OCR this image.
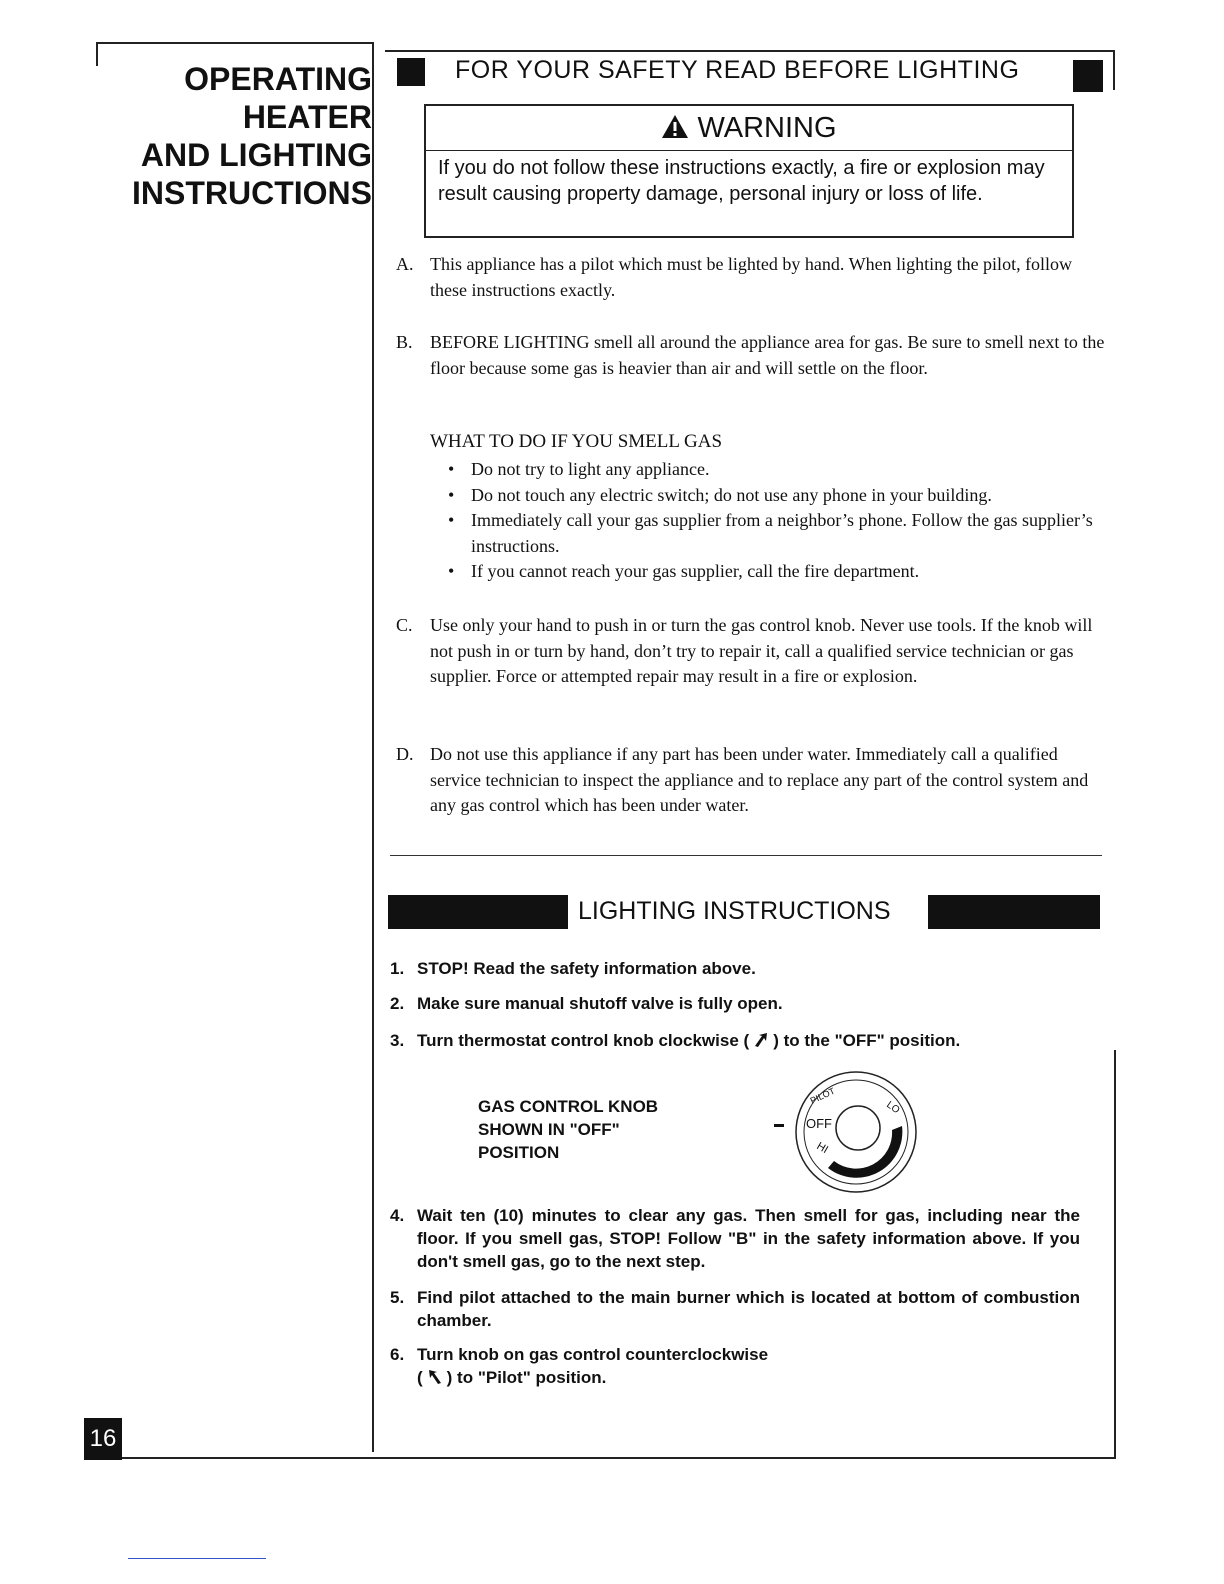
OPERATING
HEATER
AND LIGHTING
INSTRUCTIONS
16
FOR YOUR SAFETY READ BEFORE LIGHTING
WARNING
If you do not follow these instructions exactly, a fire or explosion may result causing property damage, personal injury or loss of life.
A. This appliance has a pilot which must be lighted by hand. When lighting the pilot, follow these instructions exactly.
B. BEFORE LIGHTING smell all around the appliance area for gas. Be sure to smell next to the floor because some gas is heavier than air and will settle on the floor.
WHAT TO DO IF YOU SMELL GAS
• Do not try to light any appliance.
• Do not touch any electric switch; do not use any phone in your building.
• Immediately call your gas supplier from a neighbor’s phone. Follow the gas supplier’s instructions.
• If you cannot reach your gas supplier, call the fire department.
C. Use only your hand to push in or turn the gas control knob. Never use tools. If the knob will not push in or turn by hand, don’t try to repair it, call a qualified service technician or gas supplier. Force or attempted repair may result in a fire or explosion.
D. Do not use this appliance if any part has been under water. Immediately call a qualified service technician to inspect the appliance and to replace any part of the control system and any gas control which has been under water.
LIGHTING INSTRUCTIONS
1. STOP! Read the safety information above.
2. Make sure manual shutoff valve is fully open.
3. Turn thermostat control knob clockwise ( ) to the "OFF" position.
GAS CONTROL KNOB
SHOWN IN "OFF"
POSITION
OFF
PILOT
HI
LO
4. Wait ten (10) minutes to clear any gas. Then smell for gas, including near the floor. If you smell gas, STOP! Follow "B" in the safety information above. If you don't smell gas, go to the next step.
5. Find pilot attached to the main burner which is located at bottom of combustion chamber.
6. Turn knob on gas control counterclockwise
( ) to "Pilot" position.
